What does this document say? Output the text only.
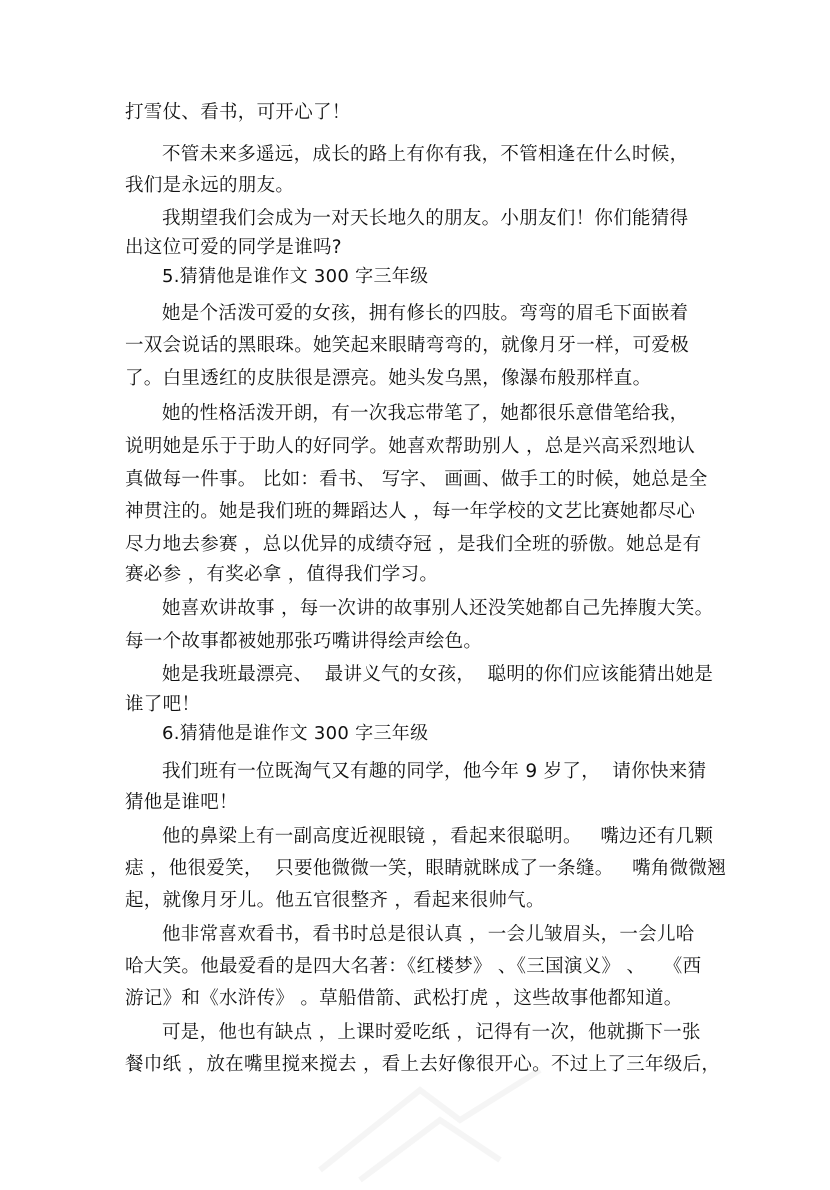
打雪仗、看书，可开心了！
不管未来多遥远，成长的路上有你有我，不管相逢在什么时候，
我们是永远的朋友。
我期望我们会成为一对天长地久的朋友。小朋友们！你们能猜得
出这位可爱的同学是谁吗?
5.猜猜他是谁作文 300 字三年级
她是个活泼可爱的女孩，拥有修长的四肢。弯弯的眉毛下面嵌着
一双会说话的黑眼珠。她笑起来眼睛弯弯的，就像月牙一样，可爱极
了。白里透红的皮肤很是漂亮。她头发乌黑，像瀑布般那样直。
她的性格活泼开朗，有一次我忘带笔了，她都很乐意借笔给我，
说明她是乐于于助人的好同学。她喜欢帮助别人 ，总是兴高采烈地认
真做每一件事。 比如：看书、 写字、 画画、做手工的时候，她总是全
神贯注的。她是我们班的舞蹈达人 ，每一年学校的文艺比赛她都尽心
尽力地去参赛 ，总以优异的成绩夺冠 ，是我们全班的骄傲。她总是有
赛必参 ，有奖必拿 ，值得我们学习。
她喜欢讲故事 ，每一次讲的故事别人还没笑她都自己先捧腹大笑。
每一个故事都被她那张巧嘴讲得绘声绘色。
她是我班最漂亮、  最讲义气的女孩，  聪明的你们应该能猜出她是
谁了吧！
6.猜猜他是谁作文 300 字三年级
我们班有一位既淘气又有趣的同学，他今年 9 岁了，  请你快来猜
猜他是谁吧！
他的鼻梁上有一副高度近视眼镜 ，看起来很聪明。   嘴边还有几颗
痣 ，他很爱笑，  只要他微微一笑，眼睛就眯成了一条缝。   嘴角微微翘
起，就像月牙儿。他五官很整齐 ，看起来很帅气。
他非常喜欢看书，看书时总是很认真 ，一会儿皱眉头，一会儿哈
哈大笑。他最爱看的是四大名著：《红楼梦》 、《三国演义》 、   《西
游记》和《水浒传》 。草船借箭、武松打虎 ，这些故事他都知道。
可是，他也有缺点 ，上课时爱吃纸 ，记得有一次，他就撕下一张
餐巾纸 ，放在嘴里搅来搅去 ，看上去好像很开心。不过上了三年级后，
